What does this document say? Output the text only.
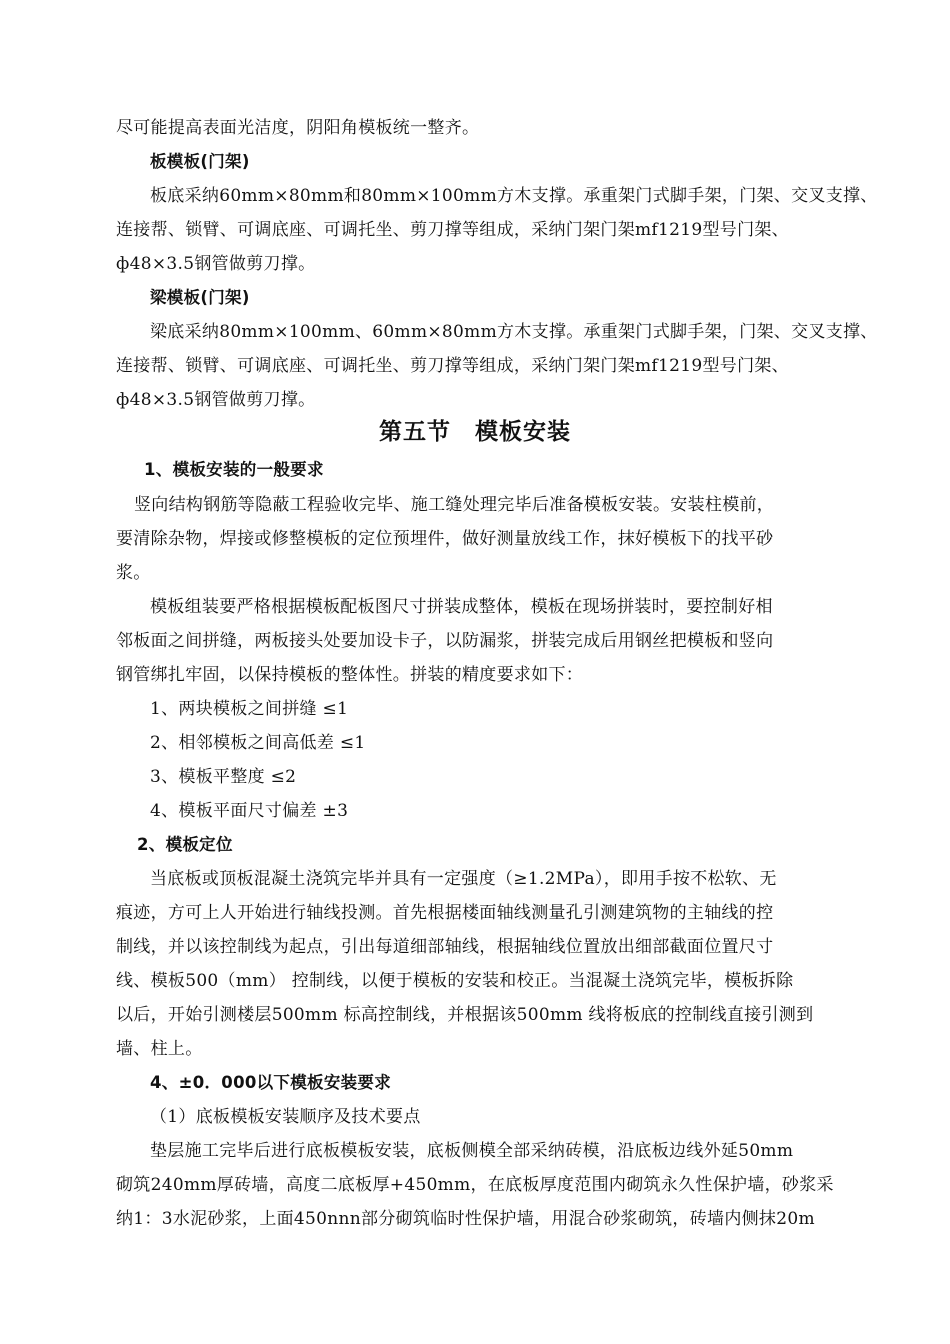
尽可能提高表面光洁度，阴阳角模板统一整齐。
板模板(门架)
板底采纳60mm×80mm和80mm×100mm方木支撑。承重架门式脚手架，门架、交叉支撑、
连接帮、锁臂、可调底座、可调托坐、剪刀撑等组成，采纳门架门架mf1219型号门架、
ф48×3.5钢管做剪刀撑。
梁模板(门架)
梁底采纳80mm×100mm、60mm×80mm方木支撑。承重架门式脚手架，门架、交叉支撑、
连接帮、锁臂、可调底座、可调托坐、剪刀撑等组成，采纳门架门架mf1219型号门架、
ф48×3.5钢管做剪刀撑。
第五节　模板安装
1、模板安装的一般要求
竖向结构钢筋等隐蔽工程验收完毕、施工缝处理完毕后准备模板安装。安装柱模前，
要清除杂物，焊接或修整模板的定位预埋件，做好测量放线工作，抹好模板下的找平砂
浆。
模板组装要严格根据模板配板图尺寸拼装成整体，模板在现场拼装时，要控制好相
邻板面之间拼缝，两板接头处要加设卡子，以防漏浆，拼装完成后用钢丝把模板和竖向
钢管绑扎牢固，以保持模板的整体性。拼装的精度要求如下：
1、两块模板之间拼缝 ≤1
2、相邻模板之间高低差 ≤1
3、模板平整度 ≤2
4、模板平面尺寸偏差 ±3
2、模板定位
当底板或顶板混凝土浇筑完毕并具有一定强度（≥1.2MPa），即用手按不松软、无
痕迹，方可上人开始进行轴线投测。首先根据楼面轴线测量孔引测建筑物的主轴线的控
制线，并以该控制线为起点，引出每道细部轴线，根据轴线位置放出细部截面位置尺寸
线、模板500（mm） 控制线，以便于模板的安装和校正。当混凝土浇筑完毕，模板拆除
以后，开始引测楼层500mm 标高控制线，并根据该500mm 线将板底的控制线直接引测到
墙、柱上。
4、±0．000以下模板安装要求
（1）底板模板安装顺序及技术要点
垫层施工完毕后进行底板模板安装，底板侧模全部采纳砖模，沿底板边线外延50mm
砌筑240mm厚砖墙，高度二底板厚+450mm，在底板厚度范围内砌筑永久性保护墙，砂浆采
纳1：3水泥砂浆，上面450nnn部分砌筑临时性保护墙，用混合砂浆砌筑，砖墙内侧抹20m
